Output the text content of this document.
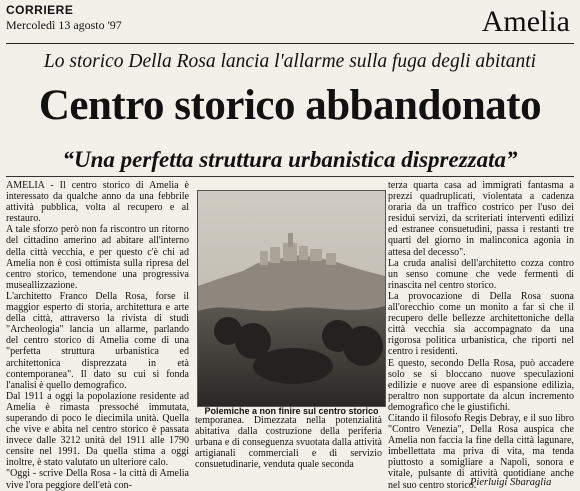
CORRIERE
Mercoledì 13 agosto '97	Amelia
Lo storico Della Rosa lancia l'allarme sulla fuga degli abitanti
Centro storico abbandonato
“Una perfetta struttura urbanistica disprezzata”

AMELIA - Il centro storico di Amelia è interessato da qualche anno da una febbrile attività pubblica, volta al recupero e al restauro.

A tale sforzo però non fa riscontro un ritorno del cittadino amerino ad abitare all'interno della città vecchia, e per questo c'è chi ad Amelia non è così ottimista sulla ripresa del centro storico, temendone una progressiva museallizzazione.

L'architetto Franco Della Rosa, forse il maggior esperto di storia, architettura e arte della città, attraverso la rivista di studi "Archeologia" lancia un allarme, parlando del centro storico di Amelia come di una "perfetta struttura urbanistica ed architettonica disprezzata in età contemporanea". Il dato su cui si fonda l'analisi è quello demografico.

Dal 1911 a oggi la popolazione residente ad Amelia è rimasta pressoché immutata, superando di poco le diecimila unità. Quella che vive e abita nel centro storico è passata invece dalle 3212 unità del 1911 alle 1790 censite nel 1991. Da quella stima a oggi inoltre, è stato valutato un ulteriore calo.

"Oggi - scrive Della Rosa - la città di Amelia vive l'ora peggiore dell'età con-

Polemiche a non finire sul centro storico

temporanea. Dimezzata nella potenzialità abitativa dalla costruzione della periferia urbana e di conseguenza svuotata dalla attività artigianali commerciali e di servizio consuetudinarie, venduta quale seconda

terza quarta casa ad immigrati fantasma a prezzi quadruplicati, violentata a cadenza oraria da un traffico costrico per l'uso dei residui servizi, da scriteriati interventi edilizi ed estranee consuetudini, passa i restanti tre quarti del giorno in malinconica agonia in attesa del decesso".

La cruda analisi dell'architetto cozza contro un senso comune che vede fermenti di rinascita nel centro storico.

La provocazione di Della Rosa suona all'orecchio come un monito a far sì che il recupero delle bellezze architettoniche della città vecchia sia accompagnato da una rigorosa politica urbanistica, che riporti nel centro i residenti.

E questo, secondo Della Rosa, può accadere solo se si bloccano nuove speculazioni edilizie e nuove aree di espansione edilizia, peraltro non supportate da alcun incremento demografico che le giustifichi.

Citando il filosofo Regis Debray, e il suo libro "Contro Venezia", Della Rosa auspica che Amelia non faccia la fine della città lagunare, imbellettata ma priva di vita, ma tenda piuttosto a somigliare a Napoli, sonora e vitale, pulsante di attività quotidiane anche nel suo centro storico.

Pierluigi Sbaraglia
